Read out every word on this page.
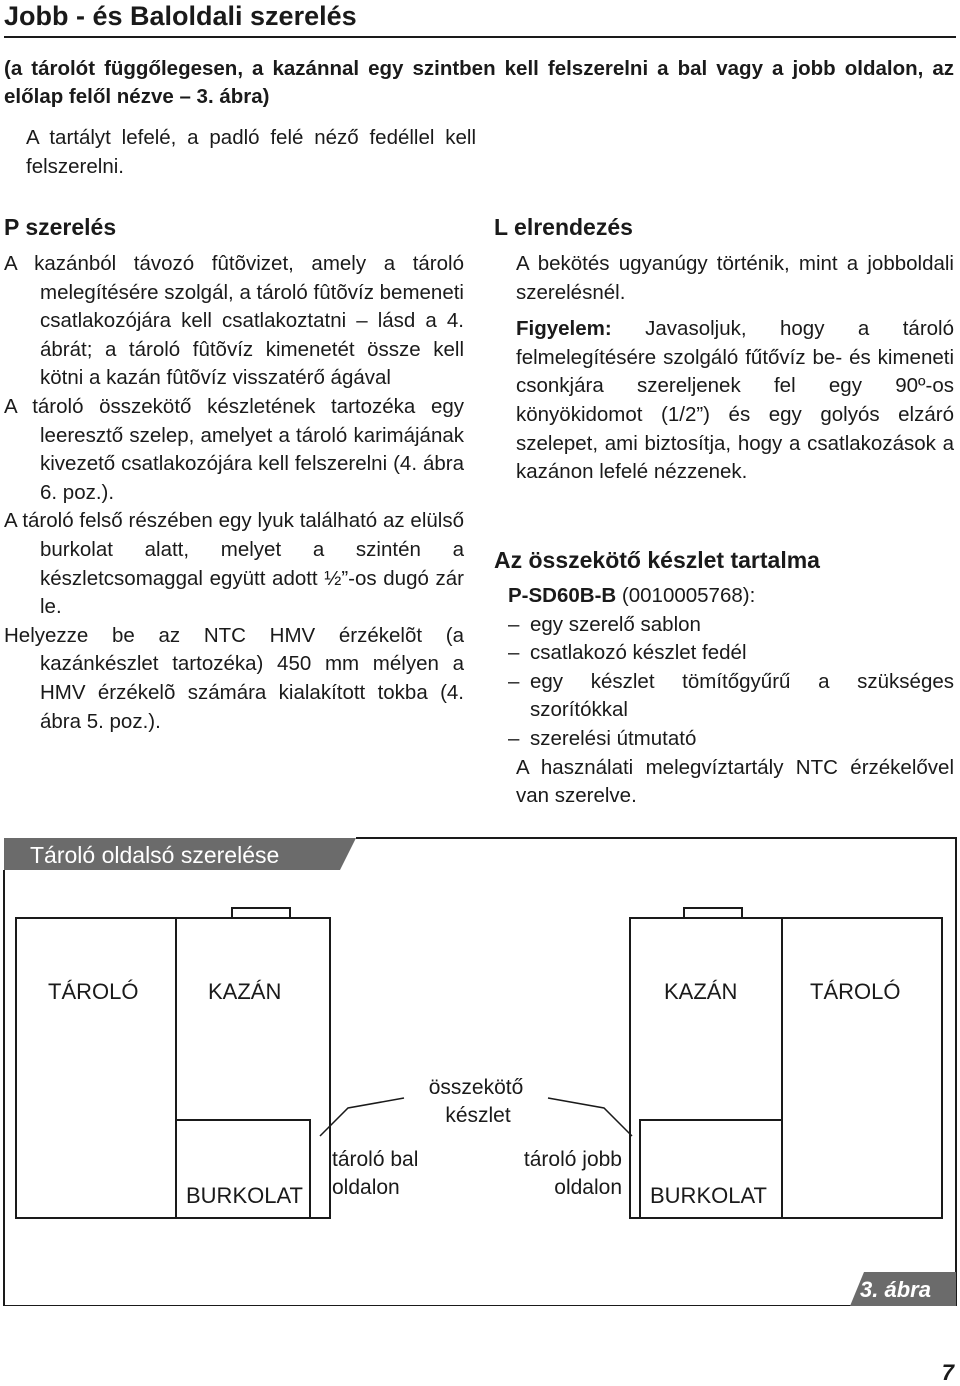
Jobb - és Baloldali szerelés

(a tárolót függőlegesen, a kazánnal egy szintben kell felszerelni a bal vagy a jobb oldalon, az előlap felől nézve – 3. ábra)

A tartályt lefelé, a padló felé néző fedéllel kell felszerelni.

P szerelés

A kazánból távozó fûtõvizet, amely a tároló melegítésére szolgál, a tároló fûtõvíz bemeneti csatlakozójára kell csatlakoztatni – lásd a 4. ábrát; a tároló fûtõvíz kimenetét össze kell kötni a kazán fûtõvíz visszatérő ágával

A tároló összekötő készletének tartozéka egy leeresztő szelep, amelyet a tároló karimájának kivezető csatlakozójára kell felszerelni (4. ábra 6. poz.).

A tároló felső részében egy lyuk található az elülső burkolat alatt, melyet a szintén a készletcsomaggal együtt adott ½”-os dugó zár le.

Helyezze be az NTC HMV érzékelõt (a kazánkészlet tartozéka) 450 mm mélyen a HMV érzékelõ számára kialakított tokba (4. ábra 5. poz.).

L elrendezés

A bekötés ugyanúgy történik, mint a jobboldali szerelésnél.

Figyelem: Javasoljuk, hogy a tároló felmelegítésére szolgáló fűtővíz be- és kimeneti csonkjára szereljenek fel egy 90º-os könyökidomot (1/2”) és egy golyós elzáró szelepet, ami biztosítja, hogy a csatlakozások a kazánon lefelé nézzenek.

Az összekötő készlet tartalma
P-SD60B-B (0010005768):
– egy szerelő sablon
– csatlakozó készlet fedél
– egy készlet tömítőgyűrű a szükséges szorítókkal
– szerelési útmutató
A használati melegvíztartály NTC érzékelővel van szerelve.
Tároló oldalsó szerelése
TÁROLÓ	KAZÁN	KAZÁN	TÁROLÓ
összekötő
készlet
tároló bal
oldalon
tároló jobb
oldalon
BURKOLAT	BURKOLAT
3. ábra
7
